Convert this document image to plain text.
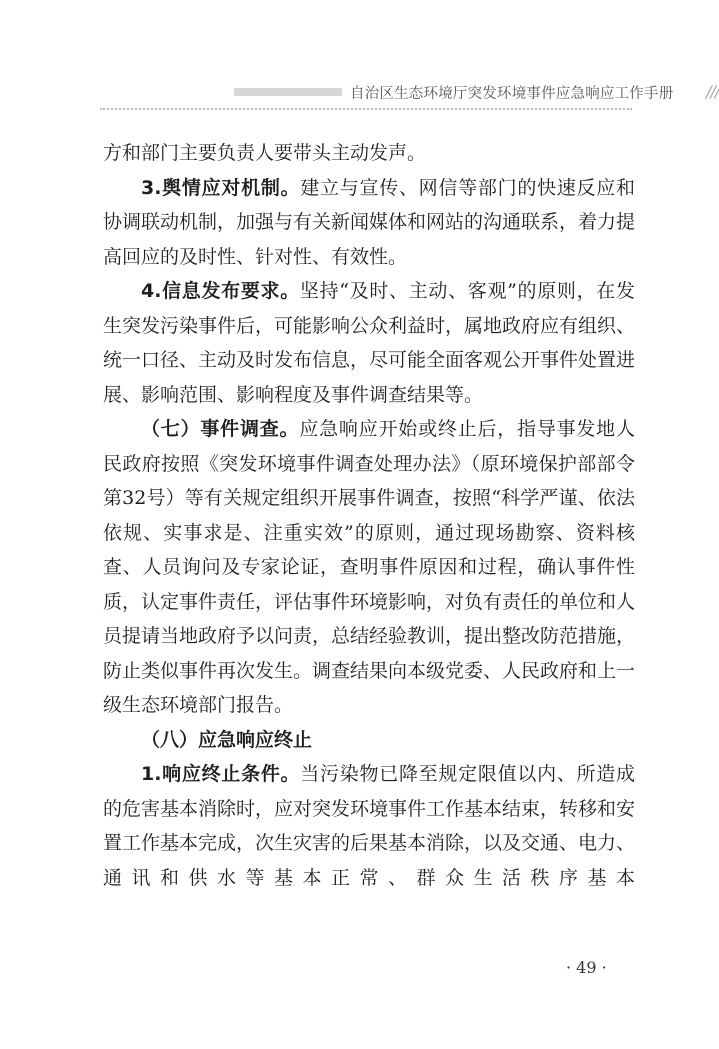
自治区生态环境厅突发环境事件应急响应工作手册 ///

方和部门主要负责人要带头主动发声。

3.舆情应对机制。建立与宣传、网信等部门的快速反应和协调联动机制，加强与有关新闻媒体和网站的沟通联系，着力提高回应的及时性、针对性、有效性。

4.信息发布要求。坚持“及时、主动、客观”的原则，在发生突发污染事件后，可能影响公众利益时，属地政府应有组织、统一口径、主动及时发布信息，尽可能全面客观公开事件处置进展、影响范围、影响程度及事件调查结果等。

（七）事件调查。应急响应开始或终止后，指导事发地人民政府按照《突发环境事件调查处理办法》（原环境保护部部令第32号）等有关规定组织开展事件调查，按照“科学严谨、依法依规、实事求是、注重实效”的原则，通过现场勘察、资料核查、人员询问及专家论证，查明事件原因和过程，确认事件性质，认定事件责任，评估事件环境影响，对负有责任的单位和人员提请当地政府予以问责，总结经验教训，提出整改防范措施，防止类似事件再次发生。调查结果向本级党委、人民政府和上一级生态环境部门报告。

（八）应急响应终止

1.响应终止条件。当污染物已降至规定限值以内、所造成的危害基本消除时，应对突发环境事件工作基本结束，转移和安置工作基本完成，次生灾害的后果基本消除，以及交通、电力、通讯和供水等基本正常、群众生活秩序基本

· 49 ·
